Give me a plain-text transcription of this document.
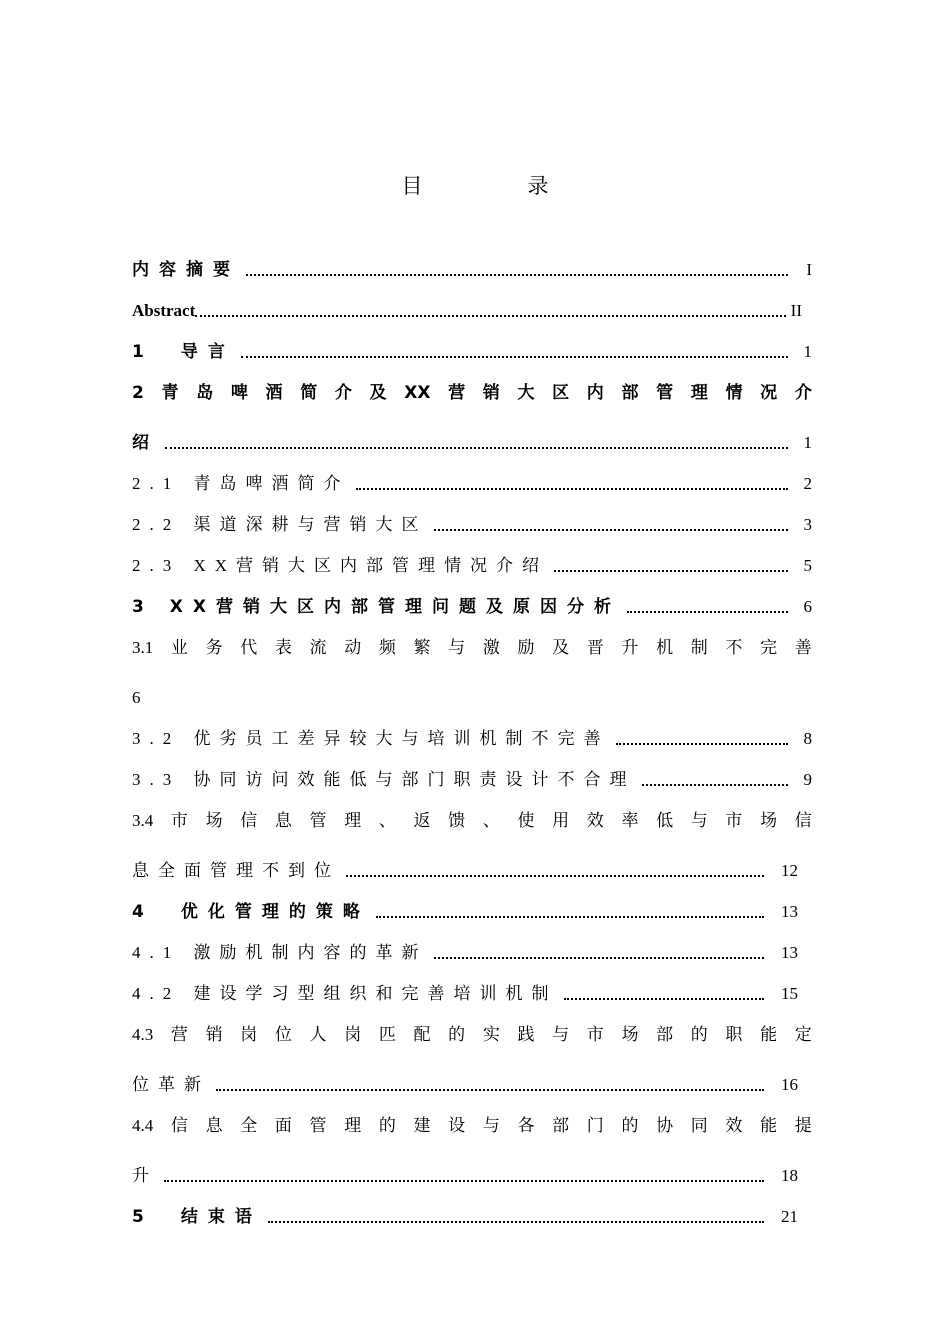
目　录
内容摘要	I
Abstract	II
1　导言	1
2 青 岛 啤 酒 简 介 及 XX 营 销 大 区 内 部 管 理 情 况 介
绍	1
2.1 青岛啤酒简介	2
2.2 渠道深耕与营销大区	3
2.3 XX营销大区内部管理情况介绍	5
3 XX营销大区内部管理问题及原因分析	6
3.1 业 务 代 表 流 动 频 繁 与 激 励 及 晋 升 机 制 不 完 善
6
3.2 优劣员工差异较大与培训机制不完善	8
3.3 协同访问效能低与部门职责设计不合理	9
3.4 市 场 信 息 管 理 、 返 馈 、 使 用 效 率 低 与 市 场 信
息全面管理不到位	12
4　优化管理的策略	13
4.1 激励机制内容的革新	13
4.2 建设学习型组织和完善培训机制	15
4.3 营 销 岗 位 人 岗 匹 配 的 实 践 与 市 场 部 的 职 能 定
位革新	16
4.4 信 息 全 面 管 理 的 建 设 与 各 部 门 的 协 同 效 能 提
升	18
5　结束语	21
